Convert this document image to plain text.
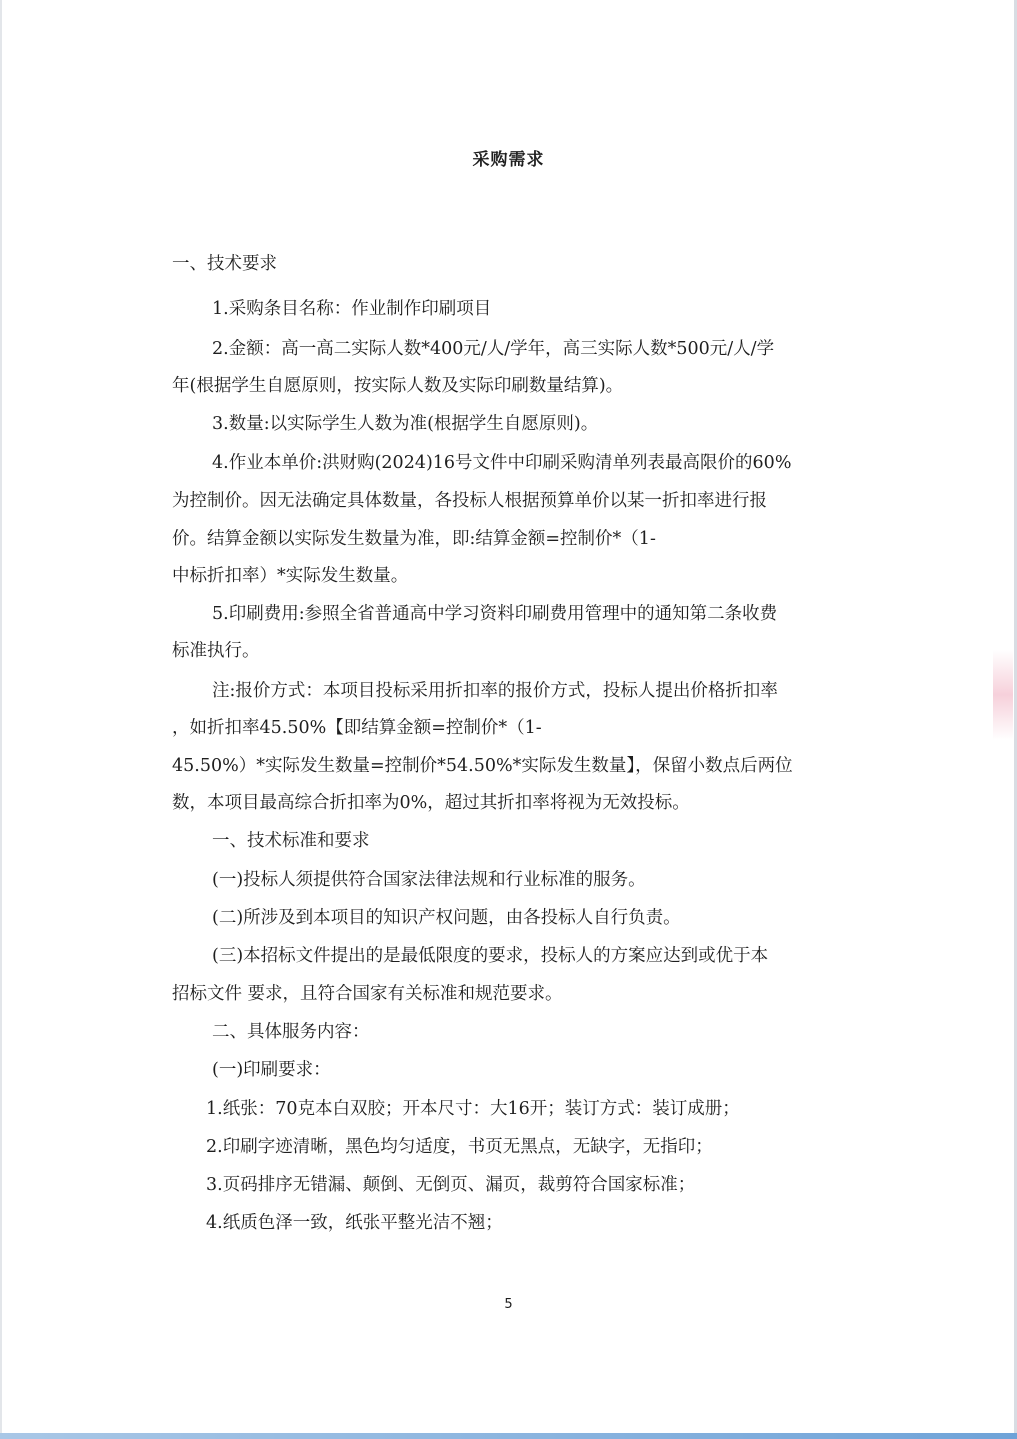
采购需求
一、技术要求
1.采购条目名称：作业制作印刷项目
2.金额：高一高二实际人数*400元/人/学年，高三实际人数*500元/人/学
年(根据学生自愿原则，按实际人数及实际印刷数量结算)。
3.数量:以实际学生人数为准(根据学生自愿原则)。
4.作业本单价:洪财购(2024)16号文件中印刷采购清单列表最高限价的60%
为控制价。因无法确定具体数量，各投标人根据预算单价以某一折扣率进行报
价。结算金额以实际发生数量为准，即:结算金额=控制价*（1-
中标折扣率）*实际发生数量。
5.印刷费用:参照全省普通高中学习资料印刷费用管理中的通知第二条收费
标准执行。
注:报价方式：本项目投标采用折扣率的报价方式，投标人提出价格折扣率
，如折扣率45.50%【即结算金额=控制价*（1-
45.50%）*实际发生数量=控制价*54.50%*实际发生数量】，保留小数点后两位
数，本项目最高综合折扣率为0%，超过其折扣率将视为无效投标。
一、技术标准和要求
(一)投标人须提供符合国家法律法规和行业标准的服务。
(二)所涉及到本项目的知识产权问题，由各投标人自行负责。
(三)本招标文件提出的是最低限度的要求，投标人的方案应达到或优于本
招标文件 要求，且符合国家有关标准和规范要求。
二、具体服务内容：
(一)印刷要求：
1.纸张：70克本白双胶；开本尺寸：大16开；装订方式：装订成册；
2.印刷字迹清晰，黑色均匀适度，书页无黑点，无缺字，无指印；
3.页码排序无错漏、颠倒、无倒页、漏页，裁剪符合国家标准；
4.纸质色泽一致，纸张平整光洁不翘；
5
